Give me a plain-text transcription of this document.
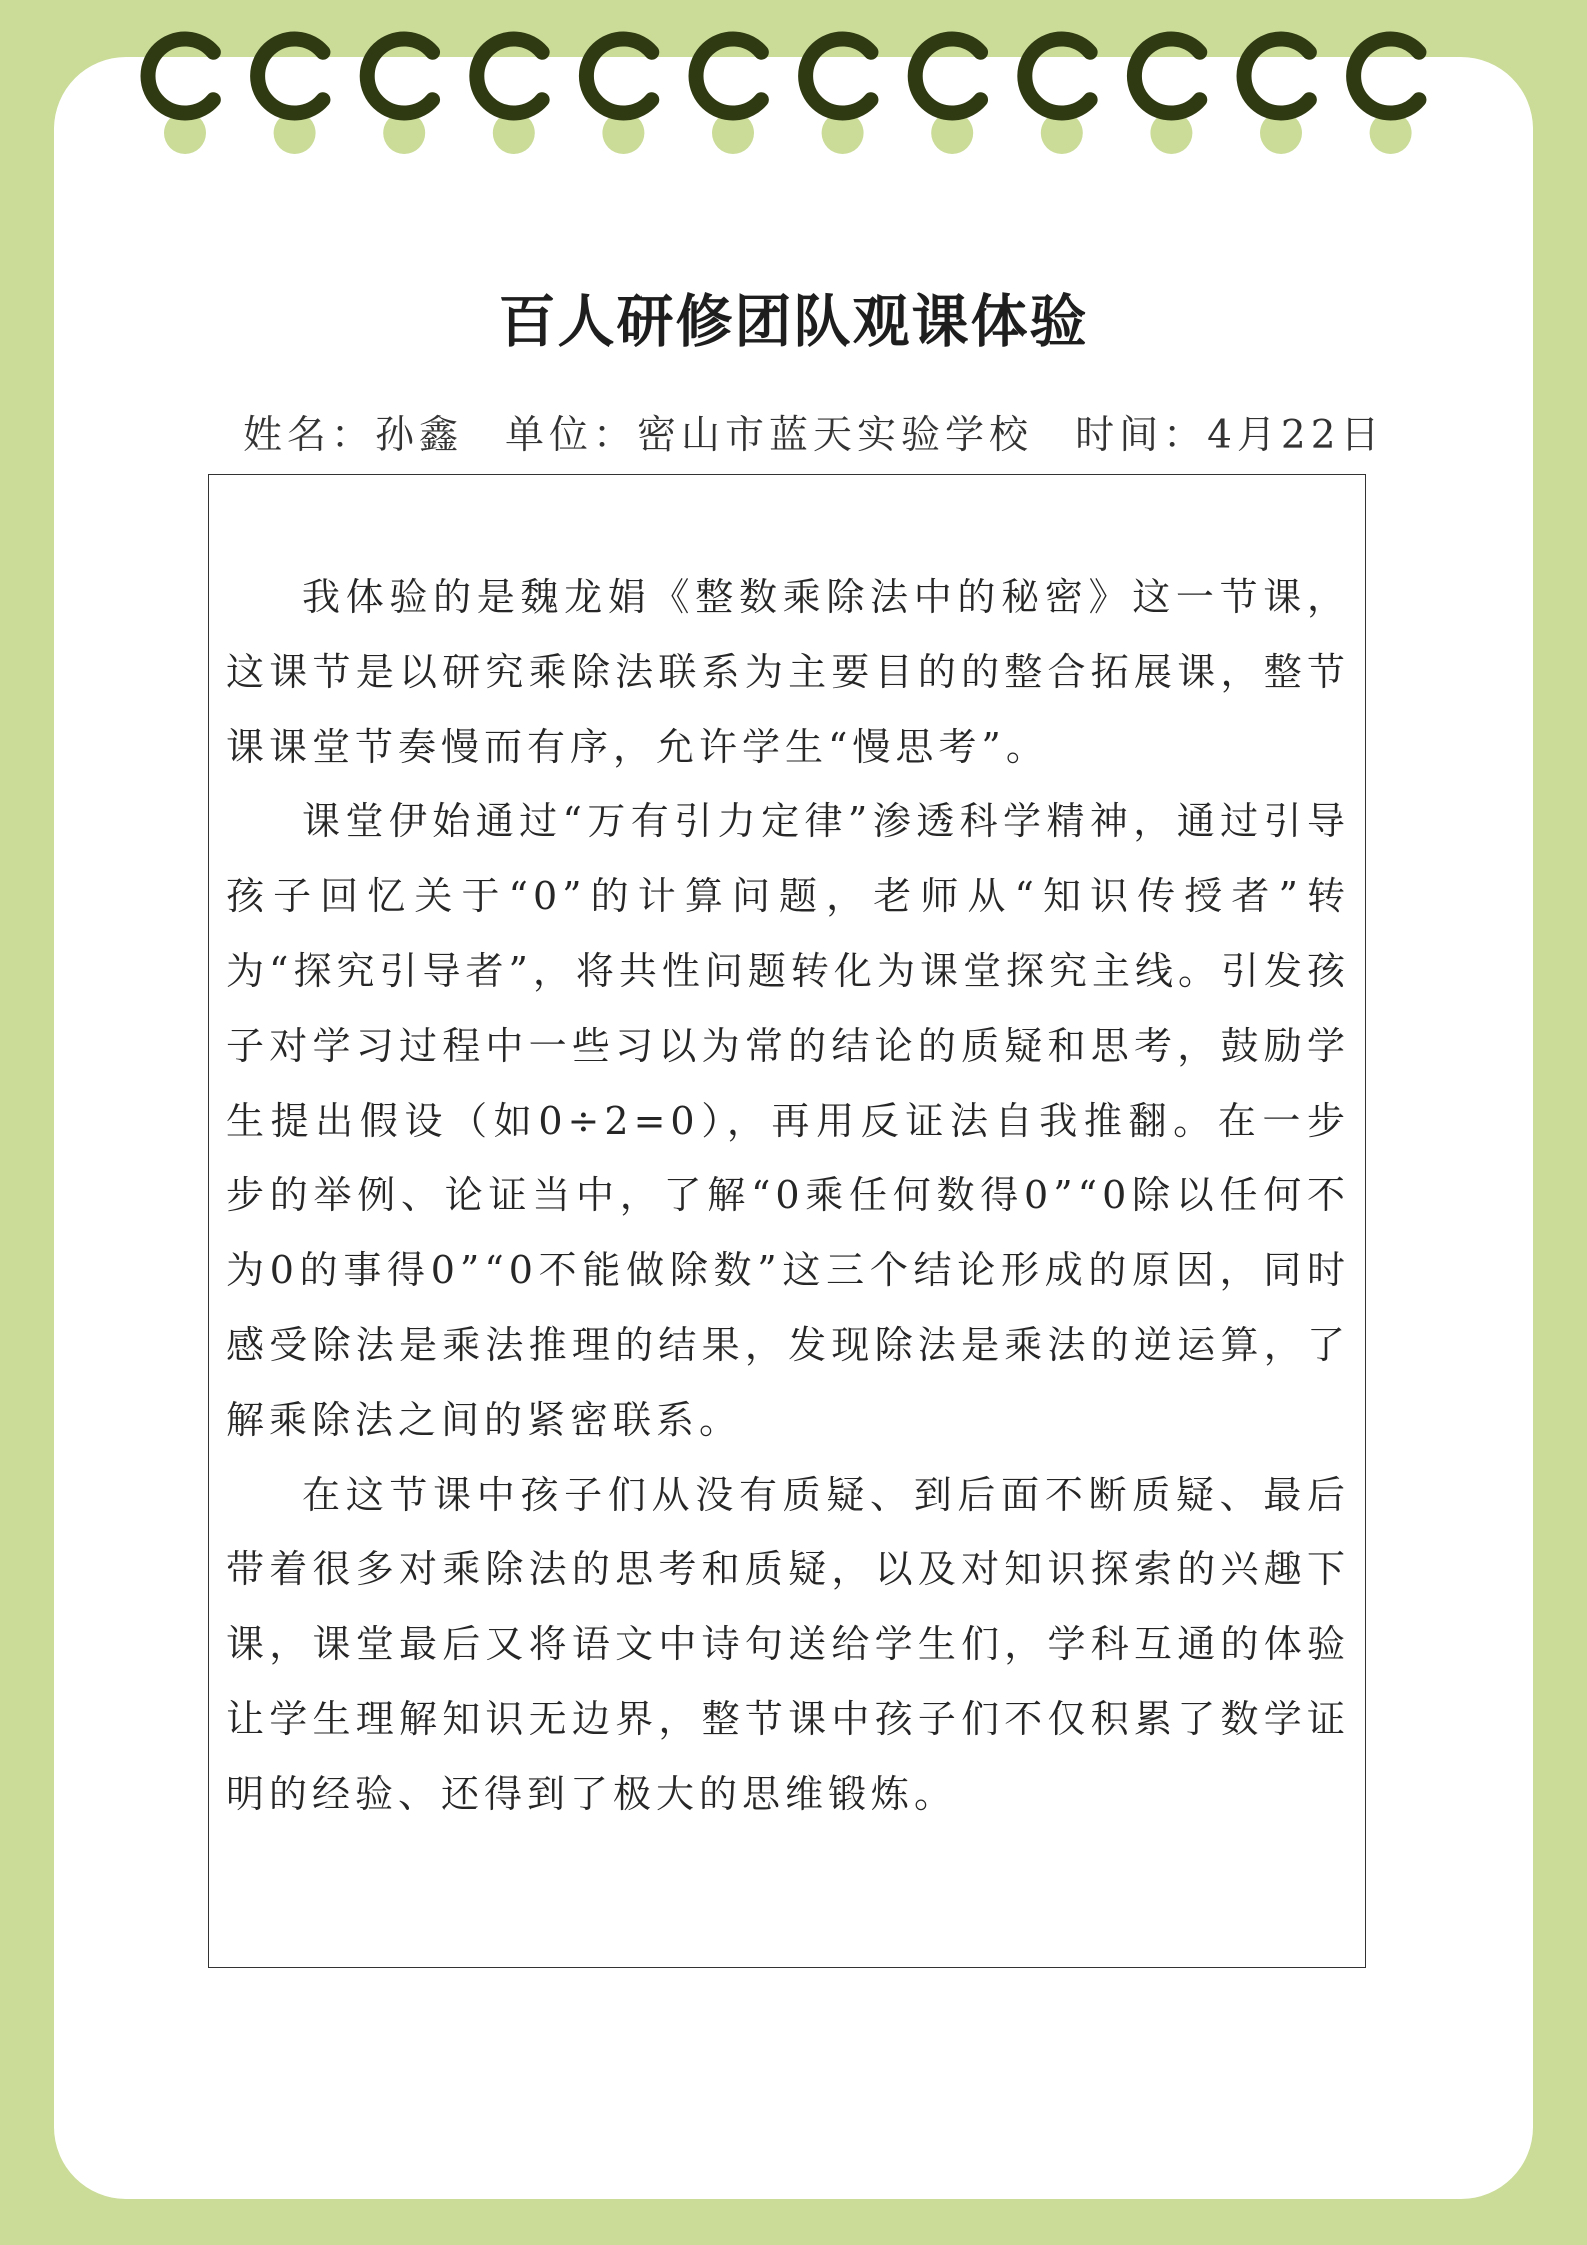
百人研修团队观课体验
姓名：孙鑫 单位：密山市蓝天实验学校 时间：4月22日

我体验的是魏龙娟《整数乘除法中的秘密》这一节课，这课节是以研究乘除法联系为主要目的的整合拓展课，整节课课堂节奏慢而有序，允许学生“慢思考”。

课堂伊始通过“万有引力定律”渗透科学精神，通过引导孩子回忆关于“0”的计算问题，老师从“知识传授者”转为“探究引导者”，将共性问题转化为课堂探究主线。引发孩子对学习过程中一些习以为常的结论的质疑和思考，鼓励学生提出假设（如0÷2=0），再用反证法自我推翻。在一步步的举例、论证当中，了解“0乘任何数得0”“0除以任何不为0的事得0”“0不能做除数”这三个结论形成的原因，同时感受除法是乘法推理的结果，发现除法是乘法的逆运算，了解乘除法之间的紧密联系。

在这节课中孩子们从没有质疑、到后面不断质疑、最后带着很多对乘除法的思考和质疑，以及对知识探索的兴趣下课，课堂最后又将语文中诗句送给学生们，学科互通的体验让学生理解知识无边界，整节课中孩子们不仅积累了数学证明的经验、还得到了极大的思维锻炼。
